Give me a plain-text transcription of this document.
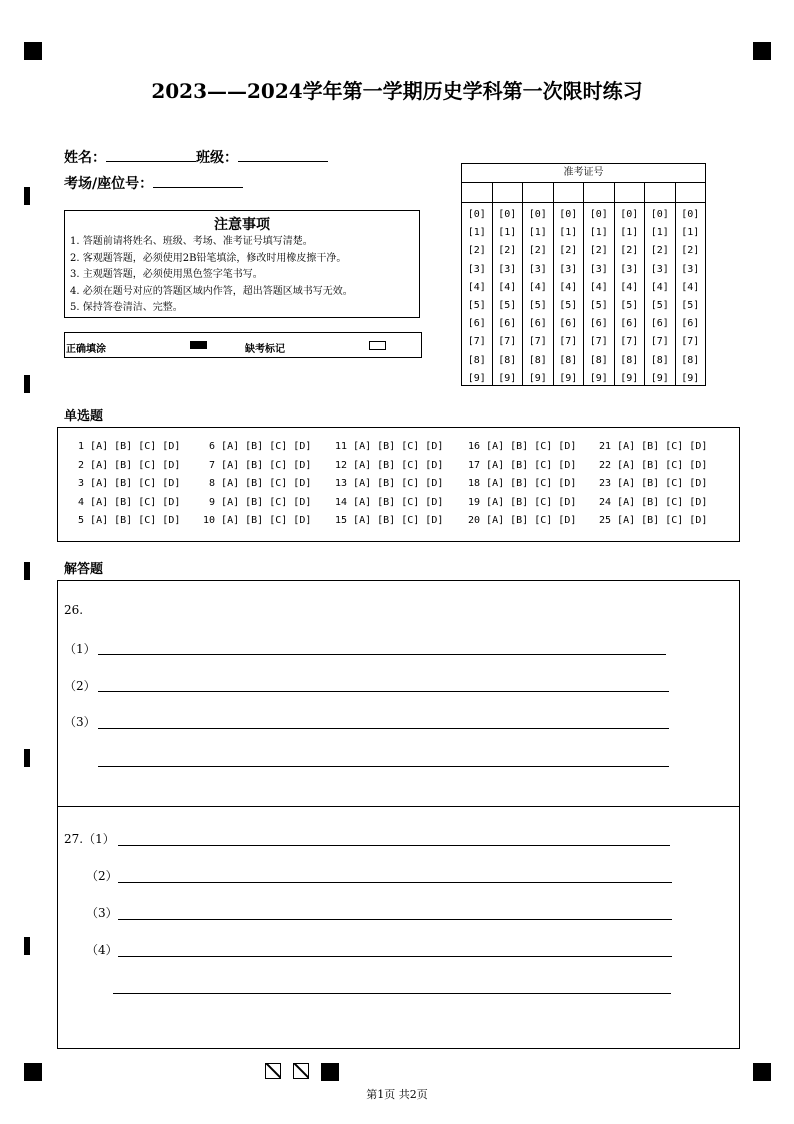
2023——2024学年第一学期历史学科第一次限时练习
姓名：	班级：
考场/座位号：
注意事项
1. 答题前请将姓名、班级、考场、准考证号填写清楚。
2. 客观题答题，必须使用2B铅笔填涂，修改时用橡皮擦干净。
3. 主观题答题，必须使用黑色签字笔书写。
4. 必须在题号对应的答题区域内作答，超出答题区域书写无效。
5. 保持答卷清洁、完整。
正确填涂	缺考标记
准考证号
[0]
[1]
[2]
[3]
[4]
[5]
[6]
[7]
[8]
[9]
[0]
[1]
[2]
[3]
[4]
[5]
[6]
[7]
[8]
[9]
[0]
[1]
[2]
[3]
[4]
[5]
[6]
[7]
[8]
[9]
[0]
[1]
[2]
[3]
[4]
[5]
[6]
[7]
[8]
[9]
[0]
[1]
[2]
[3]
[4]
[5]
[6]
[7]
[8]
[9]
[0]
[1]
[2]
[3]
[4]
[5]
[6]
[7]
[8]
[9]
[0]
[1]
[2]
[3]
[4]
[5]
[6]
[7]
[8]
[9]
[0]
[1]
[2]
[3]
[4]
[5]
[6]
[7]
[8]
[9]
单选题
1 [A] [B] [C] [D]
2 [A] [B] [C] [D]
3 [A] [B] [C] [D]
4 [A] [B] [C] [D]
5 [A] [B] [C] [D]
6 [A] [B] [C] [D]
7 [A] [B] [C] [D]
8 [A] [B] [C] [D]
9 [A] [B] [C] [D]
10 [A] [B] [C] [D]
11 [A] [B] [C] [D]
12 [A] [B] [C] [D]
13 [A] [B] [C] [D]
14 [A] [B] [C] [D]
15 [A] [B] [C] [D]
16 [A] [B] [C] [D]
17 [A] [B] [C] [D]
18 [A] [B] [C] [D]
19 [A] [B] [C] [D]
20 [A] [B] [C] [D]
21 [A] [B] [C] [D]
22 [A] [B] [C] [D]
23 [A] [B] [C] [D]
24 [A] [B] [C] [D]
25 [A] [B] [C] [D]
解答题
26.
（1）
（2）
（3）
27.（1）
（2）
（3）
（4）
第1页 共2页
